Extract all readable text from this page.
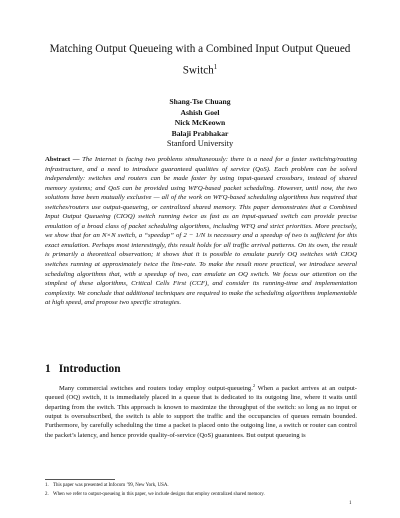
Matching Output Queueing with a Combined Input Output Queued
Switch$^1$
Shang-Tse Chuang
Ashish Goel
Nick McKeown
Balaji Prabhakar
Stanford University
Abstract — The Internet is facing two problems simultaneously: there is a need for a faster switching/routing infrastructure, and a need to introduce guaranteed qualities of service (QoS). Each problem can be solved independently: switches and routers can be made faster by using input-queued crossbars, instead of shared memory systems; and QoS can be provided using WFQ-based packet scheduling. However, until now, the two solutions have been mutually exclusive — all of the work on WFQ-based scheduling algorithms has required that switches/routers use output-queueing, or centralized shared memory. This paper demonstrates that a Combined Input Output Queueing (CIOQ) switch running twice as fast as an input-queued switch can provide precise emulation of a broad class of packet scheduling algorithms, including WFQ and strict priorities. More precisely, we show that for an N×N switch, a “speedup” of 2 − 1/N is necessary and a speedup of two is sufficient for this exact emulation. Perhaps most interestingly, this result holds for all traffic arrival patterns. On its own, the result is primarily a theoretical observation; it shows that it is possible to emulate purely OQ switches with CIOQ switches running at approximately twice the line-rate. To make the result more practical, we introduce several scheduling algorithms that, with a speedup of two, can emulate an OQ switch. We focus our attention on the simplest of these algorithms, Critical Cells First (CCF), and consider its running-time and implementation complexity. We conclude that additional techniques are required to make the scheduling algorithms implementable at high speed, and propose two specific strategies.
1 Introduction
Many commercial switches and routers today employ output-queueing.$^2$ When a packet arrives at an output-queued (OQ) switch, it is immediately placed in a queue that is dedicated to its outgoing line, where it waits until departing from the switch. This approach is known to maximize the throughput of the switch: so long as no input or output is oversubscribed, the switch is able to support the traffic and the occupancies of queues remain bounded. Furthermore, by carefully scheduling the time a packet is placed onto the outgoing line, a switch or router can control the packet’s latency, and hence provide quality-of-service (QoS) guarantees. But output queueing is
1. This paper was presented at Infocom ’99, New York, USA.
2. When we refer to output-queueing in this paper, we include designs that employ centralized shared memory.
1
